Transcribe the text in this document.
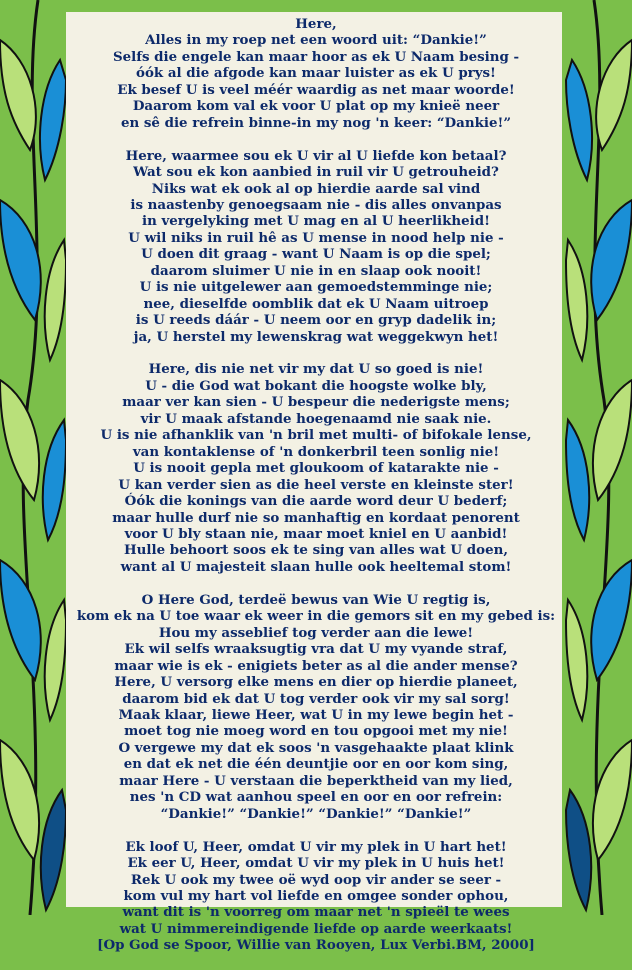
Here,
Alles in my roep net een woord uit: “Dankie!”
Selfs die engele kan maar hoor as ek U Naam besing -
óók al die afgode kan maar luister as ek U prys!
Ek besef U is veel méér waardig as net maar woorde!
Daarom kom val ek voor U plat op my knieë neer
en sê die refrein binne-in my nog 'n keer: “Dankie!”
Here, waarmee sou ek U vir al U liefde kon betaal?
Wat sou ek kon aanbied in ruil vir U getrouheid?
Niks wat ek ook al op hierdie aarde sal vind
is naastenby genoegsaam nie - dis alles onvanpas
in vergelyking met U mag en al U heerlikheid!
U wil niks in ruil hê as U mense in nood help nie -
U doen dit graag - want U Naam is op die spel;
daarom sluimer U nie in en slaap ook nooit!
U is nie uitgelewer aan gemoedstemminge nie;
nee, dieselfde oomblik dat ek U Naam uitroep
is U reeds dáár - U neem oor en gryp dadelik in;
ja, U herstel my lewenskrag wat weggekwyn het!
Here, dis nie net vir my dat U so goed is nie!
U - die God wat bokant die hoogste wolke bly,
maar ver kan sien - U bespeur die nederigste mens;
vir U maak afstande hoegenaamd nie saak nie.
U is nie afhanklik van 'n bril met multi- of bifokale lense,
van kontaklense of 'n donkerbril teen sonlig nie!
U is nooit gepla met gloukoom of katarakte nie -
U kan verder sien as die heel verste en kleinste ster!
Óók die konings van die aarde word deur U bederf;
maar hulle durf nie so manhaftig en kordaat penorent
voor U bly staan nie, maar moet kniel en U aanbid!
Hulle behoort soos ek te sing van alles wat U doen,
want al U majesteit slaan hulle ook heeltemal stom!
O Here God, terdeë bewus van Wie U regtig is,
kom ek na U toe waar ek weer in die gemors sit en my gebed is:
Hou my asseblief tog verder aan die lewe!
Ek wil selfs wraaksugtig vra dat U my vyande straf,
maar wie is ek - enigiets beter as al die ander mense?
Here, U versorg elke mens en dier op hierdie planeet,
daarom bid ek dat U tog verder ook vir my sal sorg!
Maak klaar, liewe Heer, wat U in my lewe begin het -
moet tog nie moeg word en tou opgooi met my nie!
O vergewe my dat ek soos 'n vasgehaakte plaat klink
en dat ek net die één deuntjie oor en oor kom sing,
maar Here - U verstaan die beperktheid van my lied,
nes 'n CD wat aanhou speel en oor en oor refrein:
“Dankie!” “Dankie!” “Dankie!” “Dankie!”
Ek loof U, Heer, omdat U vir my plek in U hart het!
Ek eer U, Heer, omdat U vir my plek in U huis het!
Rek U ook my twee oë wyd oop vir ander se seer -
kom vul my hart vol liefde en omgee sonder ophou,
want dit is 'n voorreg om maar net 'n spieël te wees
wat U nimmereindigende liefde op aarde weerkaats!
[Op God se Spoor, Willie van Rooyen, Lux Verbi.BM, 2000]
